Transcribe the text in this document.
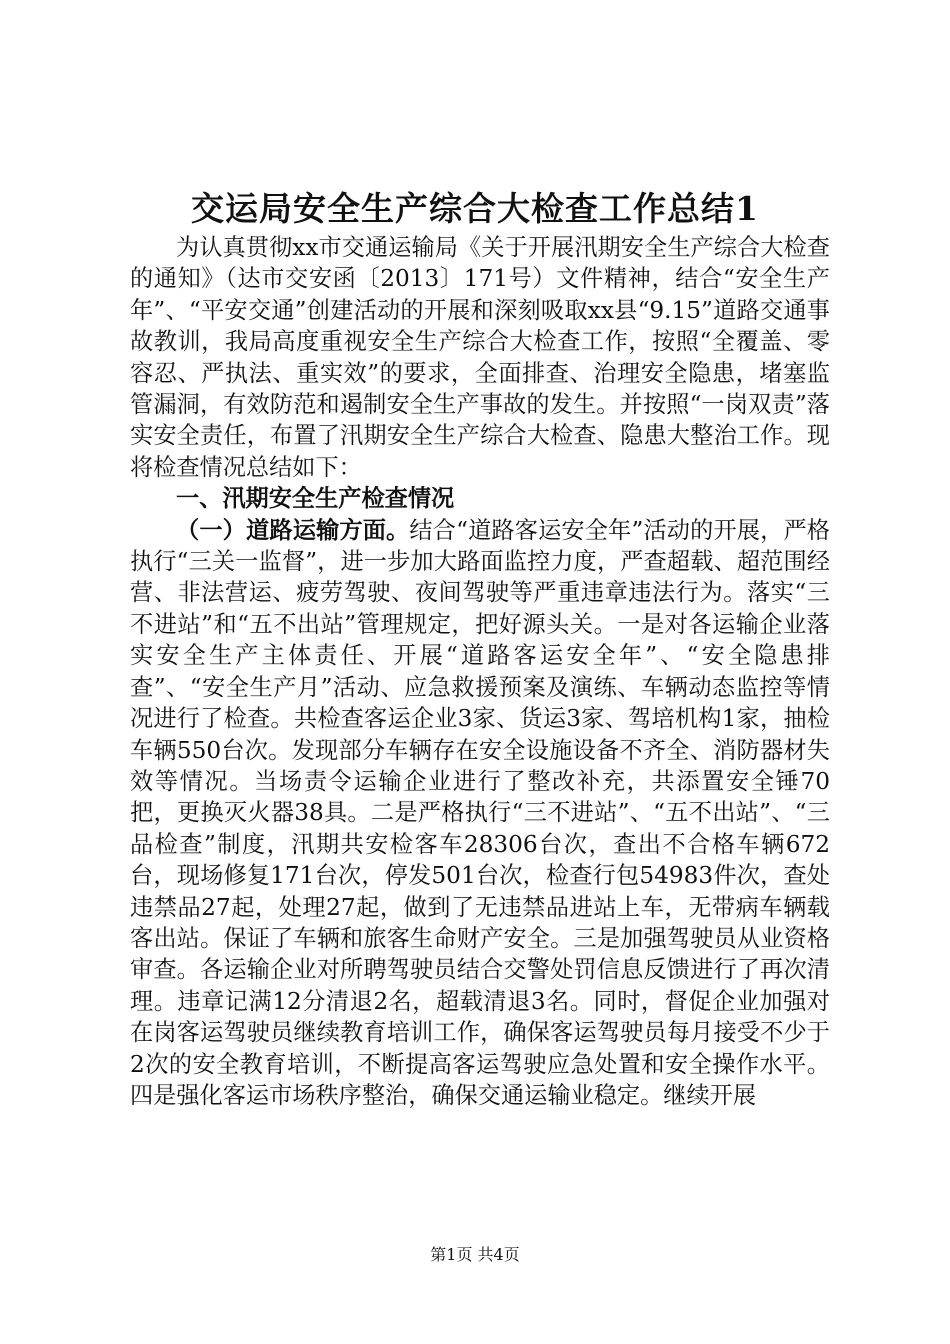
交运局安全生产综合大检查工作总结1

为认真贯彻xx市交通运输局《关于开展汛期安全生产综合大检查的通知》（达市交安函〔2013〕171号）文件精神，结合“安全生产年”、“平安交通”创建活动的开展和深刻吸取xx县“9.15”道路交通事故教训，我局高度重视安全生产综合大检查工作，按照“全覆盖、零容忍、严执法、重实效”的要求，全面排查、治理安全隐患，堵塞监管漏洞，有效防范和遏制安全生产事故的发生。并按照“一岗双责”落实安全责任，布置了汛期安全生产综合大检查、隐患大整治工作。现将检查情况总结如下：

一、汛期安全生产检查情况

（一）道路运输方面。结合“道路客运安全年”活动的开展，严格执行“三关一监督”，进一步加大路面监控力度，严查超载、超范围经营、非法营运、疲劳驾驶、夜间驾驶等严重违章违法行为。落实“三不进站”和“五不出站”管理规定，把好源头关。一是对各运输企业落实安全生产主体责任、开展“道路客运安全年”、“安全隐患排查”、“安全生产月”活动、应急救援预案及演练、车辆动态监控等情况进行了检查。共检查客运企业3家、货运3家、驾培机构1家，抽检车辆550台次。发现部分车辆存在安全设施设备不齐全、消防器材失效等情况。当场责令运输企业进行了整改补充，共添置安全锤70把，更换灭火器38具。二是严格执行“三不进站”、“五不出站”、“三品检查”制度，汛期共安检客车28306台次，查出不合格车辆672台，现场修复171台次，停发501台次，检查行包54983件次，查处违禁品27起，处理27起，做到了无违禁品进站上车，无带病车辆载客出站。保证了车辆和旅客生命财产安全。三是加强驾驶员从业资格审查。各运输企业对所聘驾驶员结合交警处罚信息反馈进行了再次清理。违章记满12分清退2名，超载清退3名。同时，督促企业加强对在岗客运驾驶员继续教育培训工作，确保客运驾驶员每月接受不少于2次的安全教育培训，不断提高客运驾驶应急处置和安全操作水平。四是强化客运市场秩序整治，确保交通运输业稳定。继续开展

第1页 共4页
